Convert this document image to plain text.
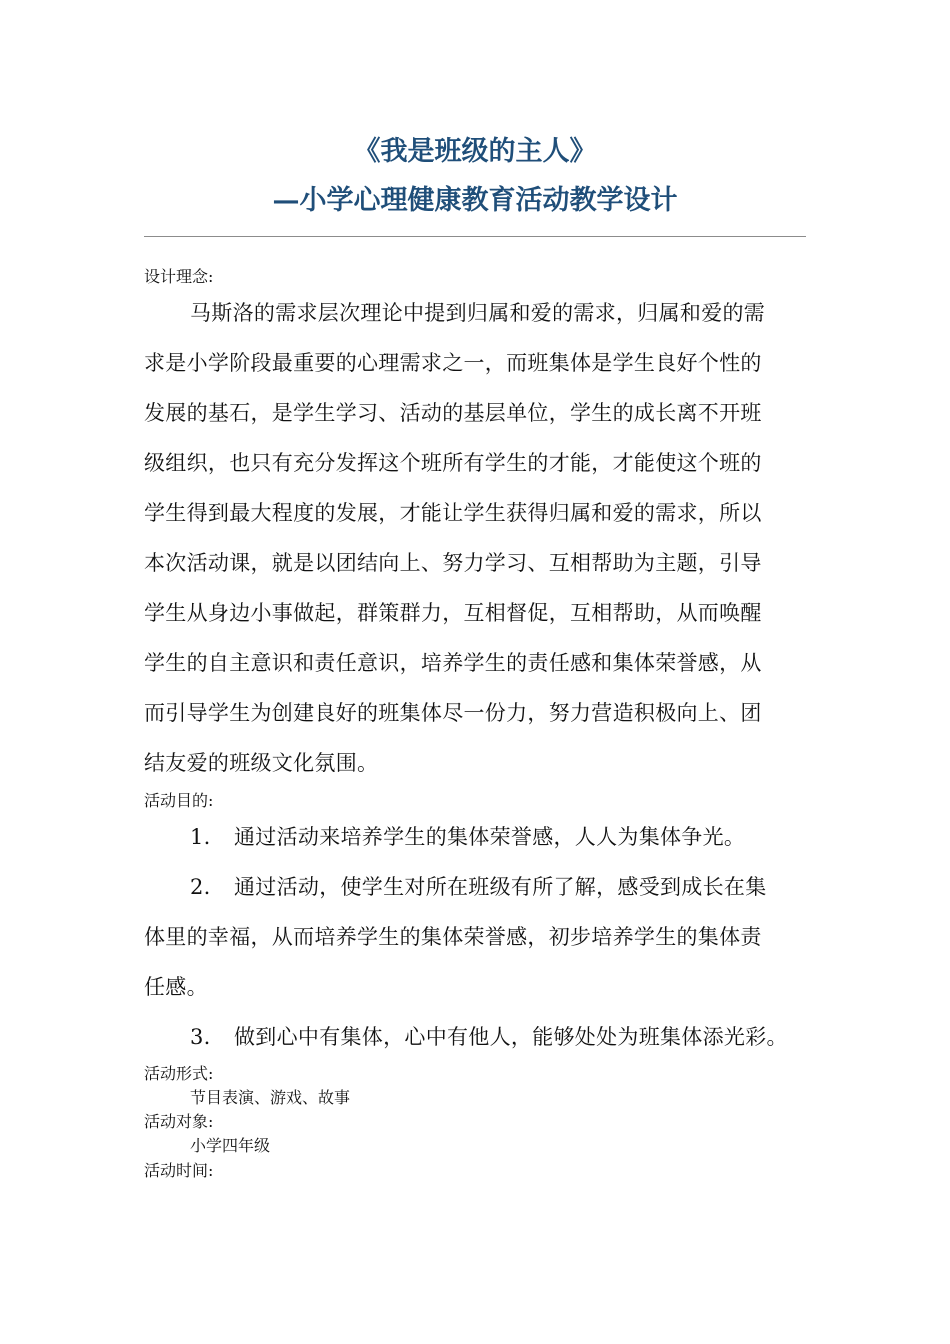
《我是班级的主人》
—小学心理健康教育活动教学设计
设计理念:
马斯洛的需求层次理论中提到归属和爱的需求，归属和爱的需
求是小学阶段最重要的心理需求之一，而班集体是学生良好个性的
发展的基石，是学生学习、活动的基层单位，学生的成长离不开班
级组织，也只有充分发挥这个班所有学生的才能，才能使这个班的
学生得到最大程度的发展，才能让学生获得归属和爱的需求，所以
本次活动课，就是以团结向上、努力学习、互相帮助为主题，引导
学生从身边小事做起，群策群力，互相督促，互相帮助，从而唤醒
学生的自主意识和责任意识，培养学生的责任感和集体荣誉感，从
而引导学生为创建良好的班集体尽一份力，努力营造积极向上、团
结友爱的班级文化氛围。
活动目的:
1. 通过活动来培养学生的集体荣誉感，人人为集体争光。
2. 通过活动，使学生对所在班级有所了解，感受到成长在集
体里的幸福，从而培养学生的集体荣誉感，初步培养学生的集体责
任感。
3. 做到心中有集体，心中有他人，能够处处为班集体添光彩。
活动形式:
节目表演、游戏、故事
活动对象:
小学四年级
活动时间:
